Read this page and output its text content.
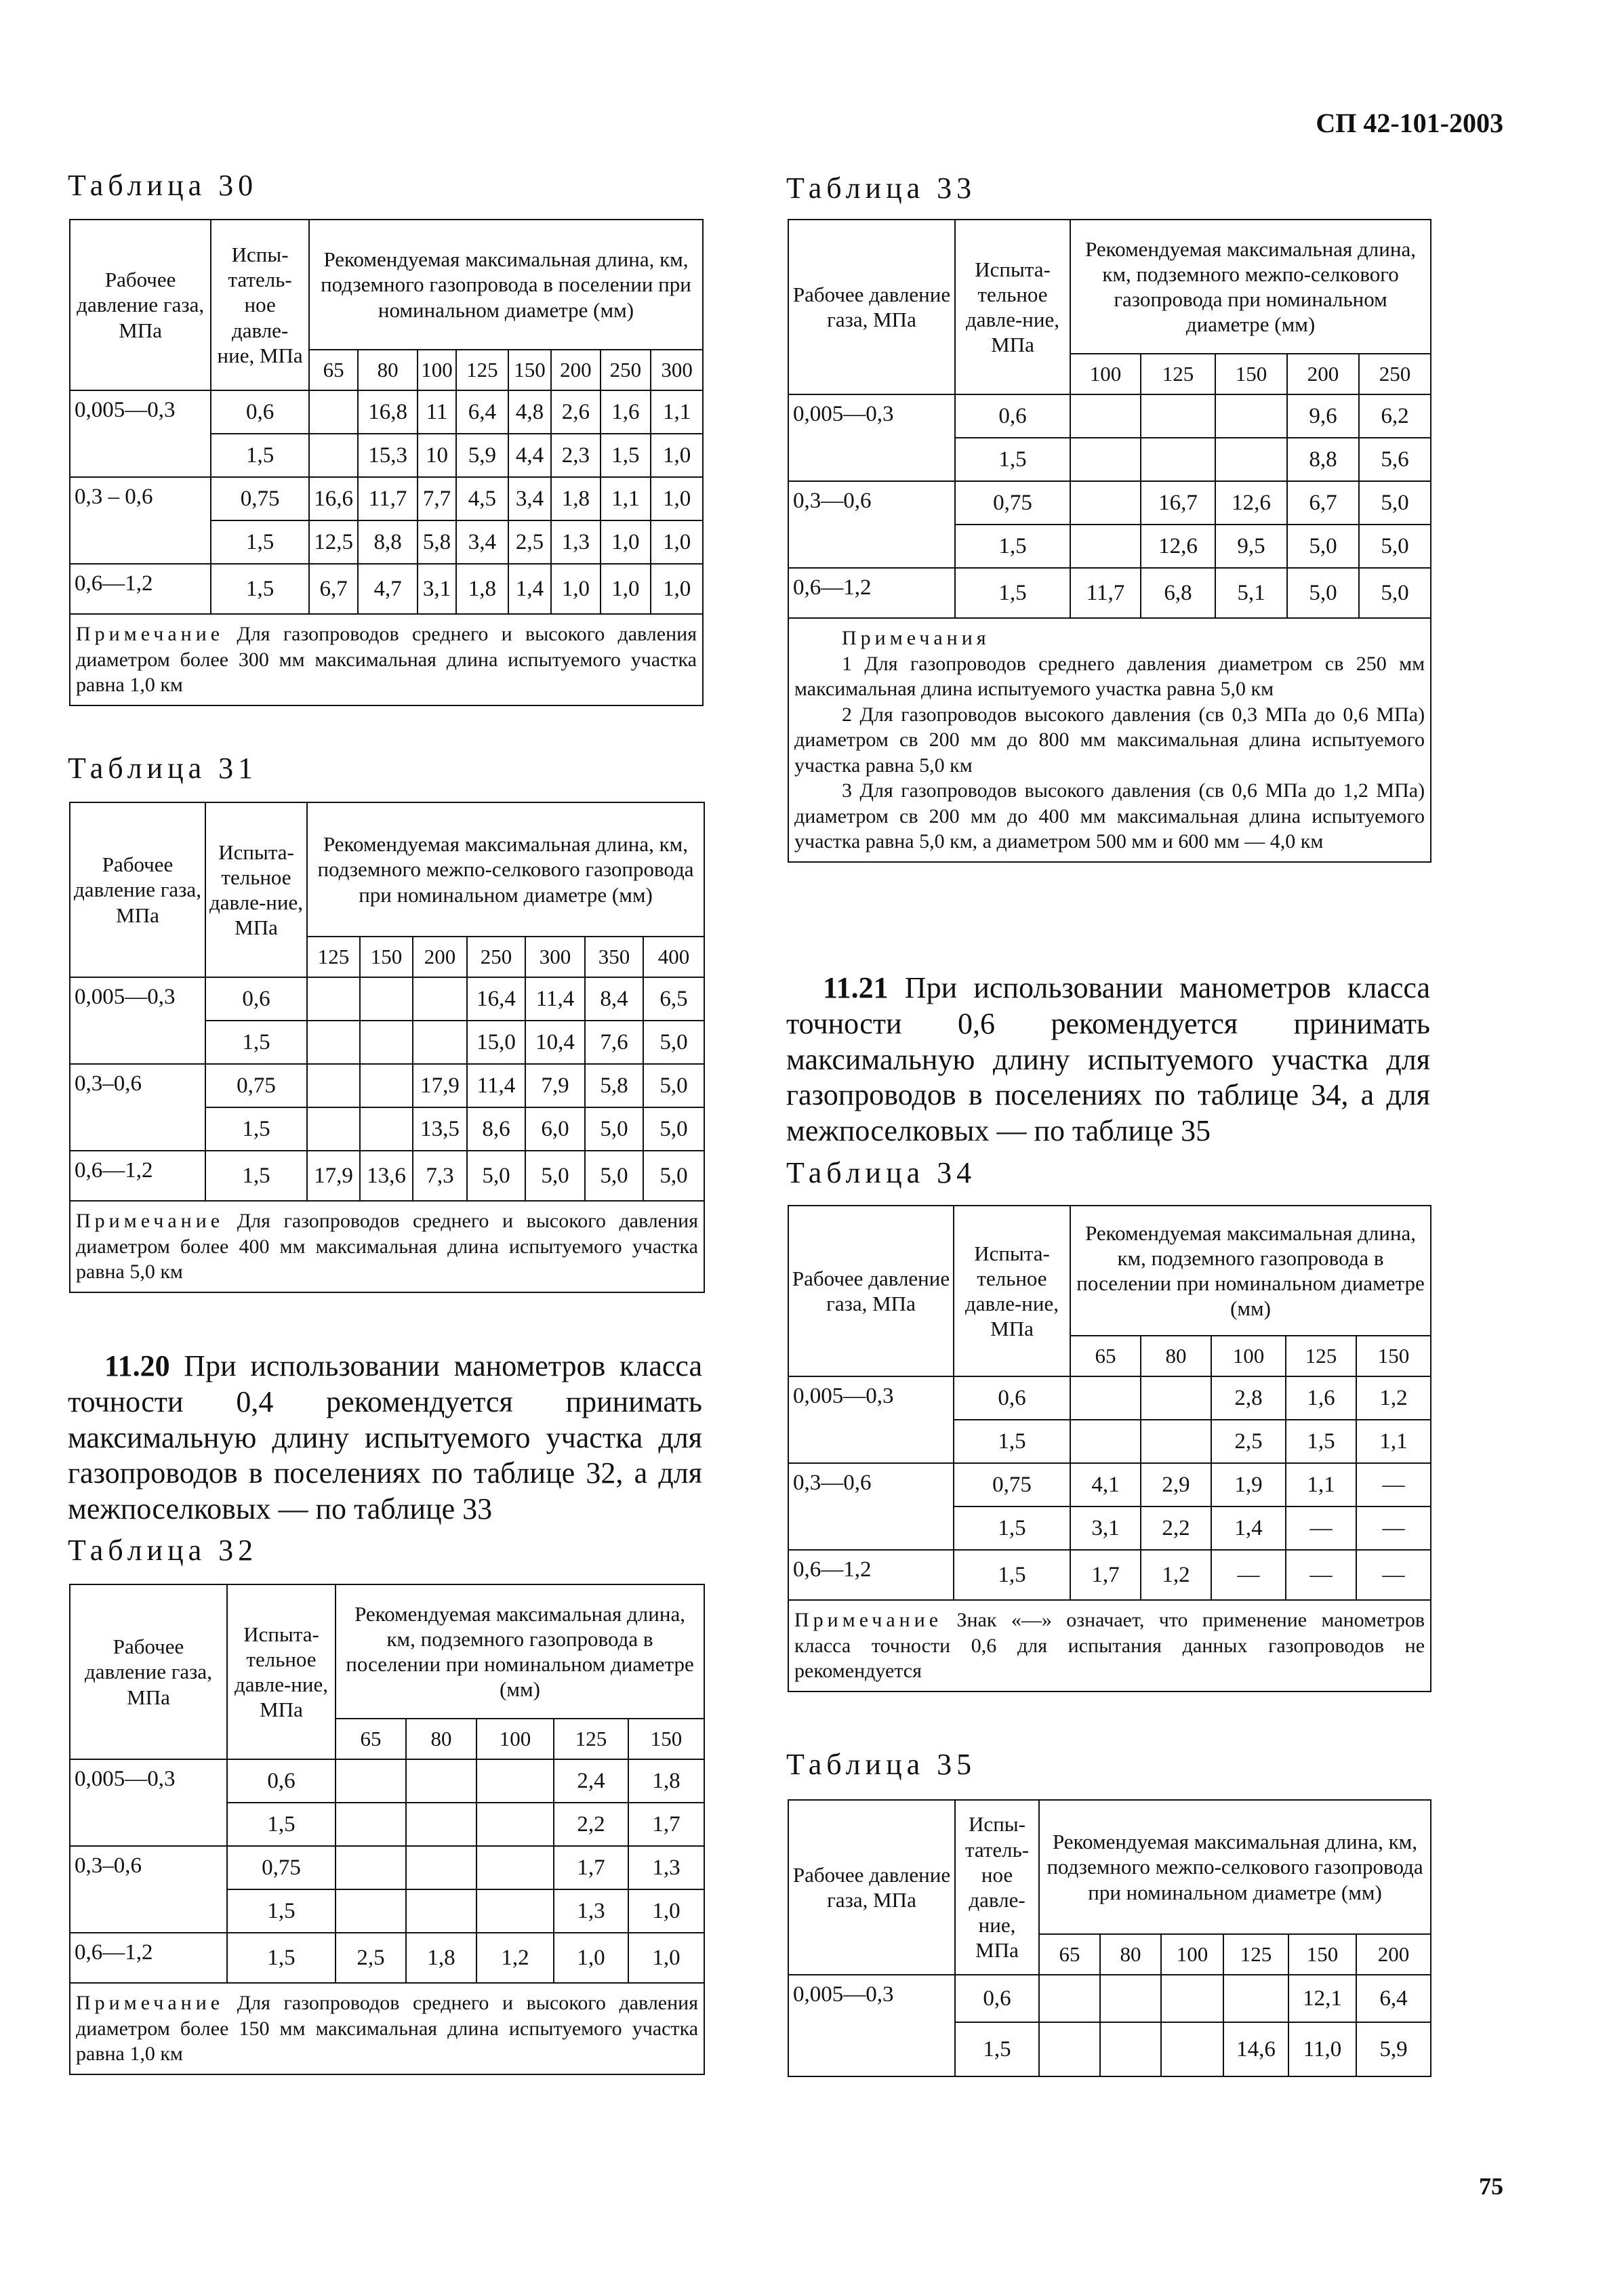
СП 42-101-2003
Таблица 30
Рабочее давление газа, МПа	Испы-татель-ное давле-ние, МПа	Рекомендуемая максимальная длина, км, подземного газопровода в поселении при номинальном диаметре (мм)							
		65	80	100	125	150	200	250	300
0,005—0,3	0,6		16,8	11	6,4	4,8	2,6	1,6	1,1
	1,5		15,3	10	5,9	4,4	2,3	1,5	1,0
0,3 – 0,6	0,75	16,6	11,7	7,7	4,5	3,4	1,8	1,1	1,0
	1,5	12,5	8,8	5,8	3,4	2,5	1,3	1,0	1,0
0,6—1,2	1,5	6,7	4,7	3,1	1,8	1,4	1,0	1,0	1,0
Примечание Для газопроводов среднего и высокого давления диаметром более 300 мм максимальная длина испытуемого участка равна 1,0 км									
Таблица 31
Рабочее давление газа, МПа	Испыта-тельное давле-ние, МПа	Рекомендуемая максимальная длина, км, подземного межпо-селкового газопровода при номинальном диаметре (мм)						
		125	150	200	250	300	350	400
0,005—0,3	0,6				16,4	11,4	8,4	6,5
	1,5				15,0	10,4	7,6	5,0
0,3–0,6	0,75			17,9	11,4	7,9	5,8	5,0
	1,5			13,5	8,6	6,0	5,0	5,0
0,6—1,2	1,5	17,9	13,6	7,3	5,0	5,0	5,0	5,0
Примечание Для газопроводов среднего и высокого давления диаметром более 400 мм максимальная длина испытуемого участка равна 5,0 км								
11.20 При использовании манометров класса точности 0,4 рекомендуется принимать максимальную длину испытуемого участка для газопроводов в поселениях по таблице 32, а для межпоселковых — по таблице 33
Таблица 32
Рабочее давление газа, МПа	Испыта-тельное давле-ние, МПа	Рекомендуемая максимальная длина, км, подземного газопровода в поселении при номинальном диаметре (мм)				
		65	80	100	125	150
0,005—0,3	0,6				2,4	1,8
	1,5				2,2	1,7
0,3–0,6	0,75				1,7	1,3
	1,5				1,3	1,0
0,6—1,2	1,5	2,5	1,8	1,2	1,0	1,0
Примечание Для газопроводов среднего и высокого давления диаметром более 150 мм максимальная длина испытуемого участка равна 1,0 км						
Таблица 33
Рабочее давление газа, МПа	Испыта-тельное давле-ние, МПа	Рекомендуемая максимальная длина, км, подземного межпо-селкового газопровода при номинальном диаметре (мм)				
		100	125	150	200	250
0,005—0,3	0,6				9,6	6,2
	1,5				8,8	5,6
0,3—0,6	0,75		16,7	12,6	6,7	5,0
	1,5		12,6	9,5	5,0	5,0
0,6—1,2	1,5	11,7	6,8	5,1	5,0	5,0

Примечания
1 Для газопроводов среднего давления диаметром св 250 мм максимальная длина испытуемого участка равна 5,0 км
2 Для газопроводов высокого давления (св 0,3 МПа до 0,6 МПа) диаметром св 200 мм до 800 мм максимальная длина испытуемого участка равна 5,0 км
3 Для газопроводов высокого давления (св 0,6 МПа до 1,2 МПа) диаметром св 200 мм до 400 мм максимальная длина испытуемого участка равна 5,0 км, а диаметром 500 мм и 600 мм — 4,0 км						
11.21 При использовании манометров класса точности 0,6 рекомендуется принимать максимальную длину испытуемого участка для газопроводов в поселениях по таблице 34, а для межпоселковых — по таблице 35
Таблица 34
Рабочее давление газа, МПа	Испыта-тельное давле-ние, МПа	Рекомендуемая максимальная длина, км, подземного газопровода в поселении при номинальном диаметре (мм)				
		65	80	100	125	150
0,005—0,3	0,6			2,8	1,6	1,2
	1,5			2,5	1,5	1,1
0,3—0,6	0,75	4,1	2,9	1,9	1,1	—
	1,5	3,1	2,2	1,4	—	—
0,6—1,2	1,5	1,7	1,2	—	—	—
Примечание Знак «—» означает, что применение манометров класса точности 0,6 для испытания данных газопроводов не рекомендуется						
Таблица 35
Рабочее давление газа, МПа	Испы-татель-ное давле-ние, МПа	Рекомендуемая максимальная длина, км, подземного межпо-селкового газопровода при номинальном диаметре (мм)					
		65	80	100	125	150	200
0,005—0,3	0,6					12,1	6,4
	1,5				14,6	11,0	5,9
75
